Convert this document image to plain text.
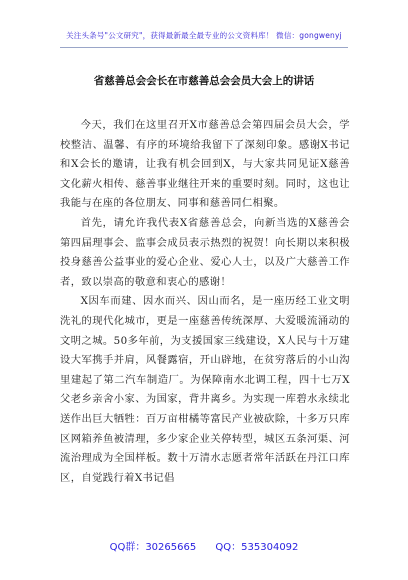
关注头条号"公文研究"，获得最新最全最专业的公文资料库！ 微信：gongwenyj
省慈善总会会长在市慈善总会会员大会上的讲话

今天，我们在这里召开X市慈善总会第四届会员大会，学校整洁、温馨、有序的环境给我留下了深刻印象。感谢X书记和X会长的邀请，让我有机会回到X，与大家共同见证X慈善文化薪火相传、慈善事业继往开来的重要时刻。同时，这也让我能与在座的各位朋友、同事和慈善同仁相聚。

首先，请允许我代表X省慈善总会，向新当选的X慈善会第四届理事会、监事会成员表示热烈的祝贺！向长期以来积极投身慈善公益事业的爱心企业、爱心人士，以及广大慈善工作者，致以崇高的敬意和衷心的感谢！

X因车而建、因水而兴、因山而名，是一座历经工业文明洗礼的现代化城市，更是一座慈善传统深厚、大爱暖流涌动的文明之城。50多年前，为支援国家三线建设，X人民与十万建设大军携手并肩，风餐露宿，开山辟地，在贫穷落后的小山沟里建起了第二汽车制造厂。为保障南水北调工程，四十七万X父老乡亲舍小家、为国家，背井离乡。为实现一库碧水永续北送作出巨大牺牲：百万亩柑橘等富民产业被砍除，十多万只库区网箱养鱼被清理，多少家企业关停转型，城区五条河渠、河流治理成为全国样板。数十万清水志愿者常年活跃在丹江口库区，自觉践行着X书记倡

QQ群：30265665 QQ：535304092
